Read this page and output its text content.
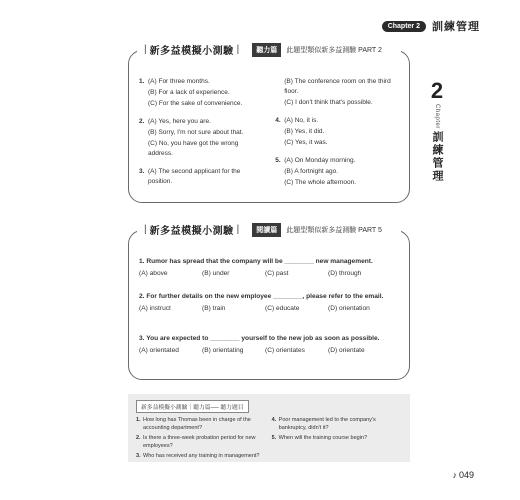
Chapter 2	訓練管理
2
Chapter
訓練管理
| 新多益模擬小測驗 |	聽力篇	此題型類似新多益測驗 PART 2
1. (A) For three months.
(B) For a lack of experience.
(C) For the sake of convenience.
2. (A) Yes, here you are.
(B) Sorry, I'm not sure about that.
(C) No, you have got the wrong address.
3. (A) The second applicant for the position.
(B) The conference room on the third floor.
(C) I don't think that's possible.
4. (A) No, it is.
(B) Yes, it did.
(C) Yes, it was.
5. (A) On Monday morning.
(B) A fortnight ago.
(C) The whole afternoon.
| 新多益模擬小測驗 |	閱讀篇	此題型類似新多益測驗 PART 5
1. Rumor has spread that the company will be ________ new management.
(A) above	(B) under	(C) past	(D) through
2. For further details on the new employee ________, please refer to the email.
(A) instruct	(B) train	(C) educate	(D) orientation
3. You are expected to ________ yourself to the new job as soon as possible.
(A) orientated	(B) orientating	(C) orientates	(D) orientate
新多益模擬小測驗｜聽力篇── 聽力題目
1. How long has Thomas been in charge of the accounting department?
2. Is there a three-week probation period for new employees?
3. Who has received any training in management?
4. Poor management led to the company's bankruptcy, didn't it?
5. When will the training course begin?
♪ 049
